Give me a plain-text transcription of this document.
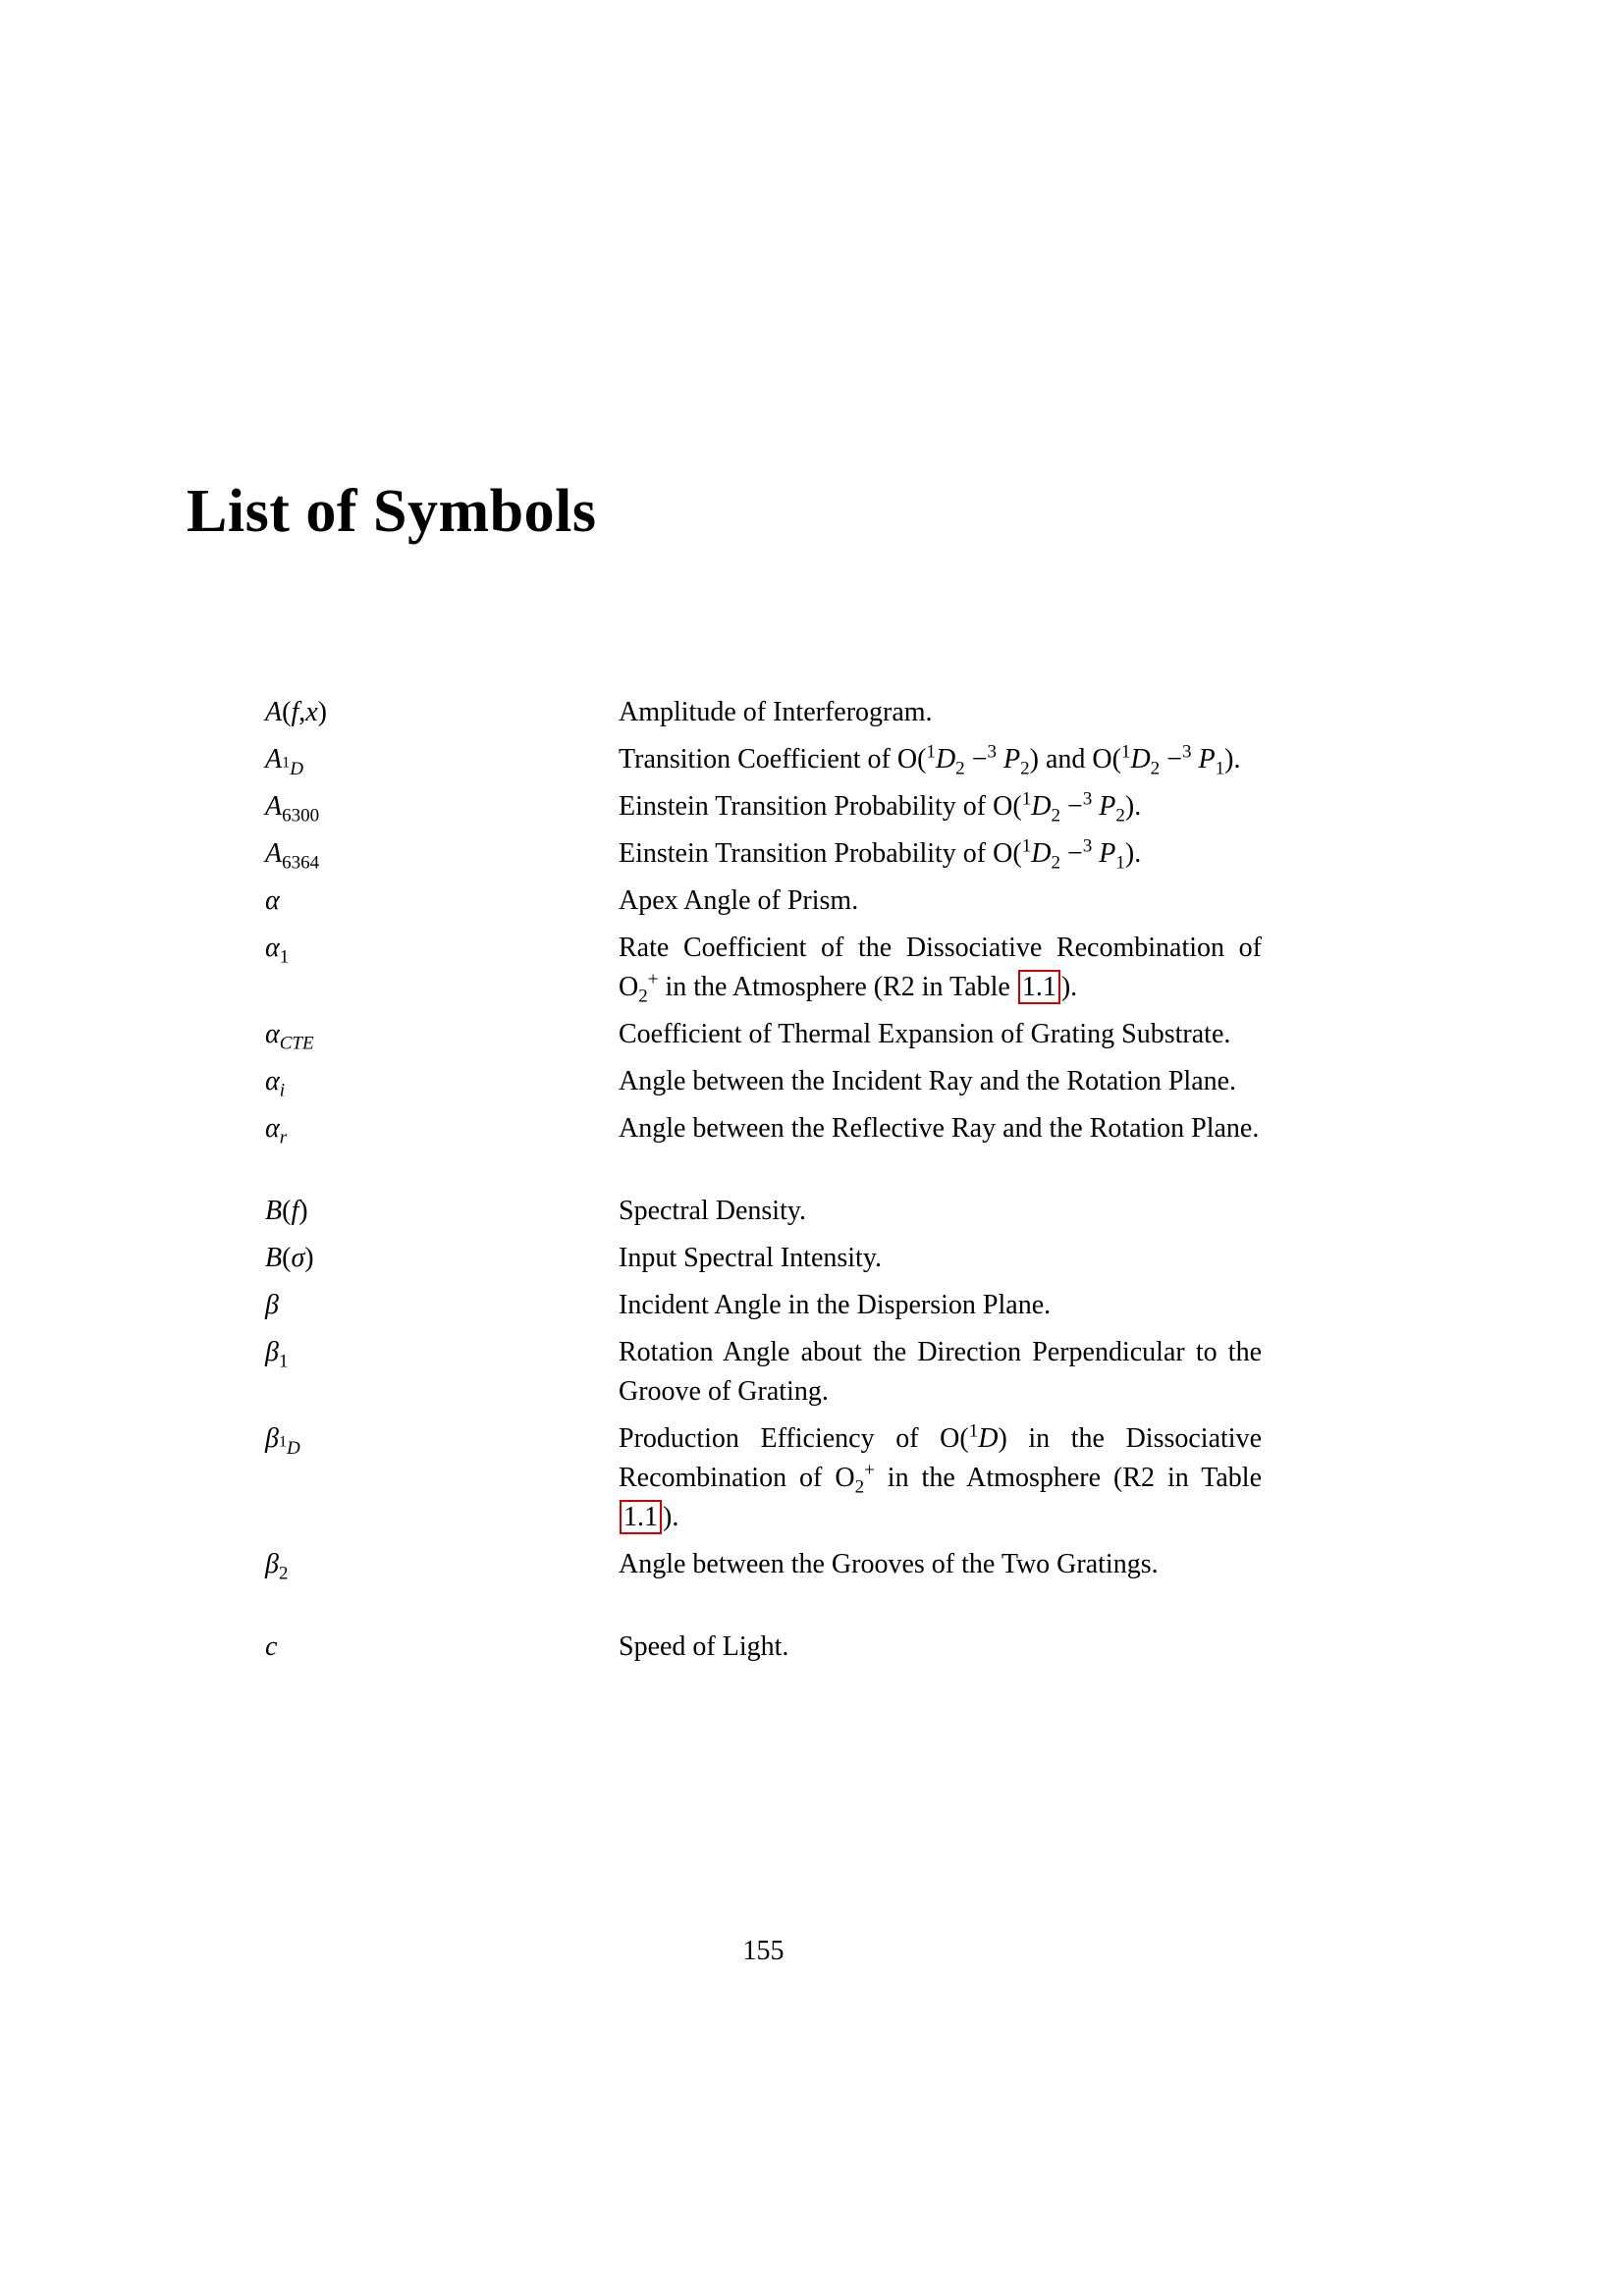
List of Symbols
A(f,x)	Amplitude of Interferogram.
$A_{^1D}$	Transition Coefficient of $O(^1D_2 -^3$ $P_2$) and $O(^1D_2 -^3$ $P_1$).
$A_{6300}$	Einstein Transition Probability of $O(^1D_2 -^3$ $P_2$).
$A_{6364}$	Einstein Transition Probability of $O(^1D_2 -^3$ $P_1$).
α	Apex Angle of Prism.
$\alpha_1$	Rate Coefficient of the Dissociative Recombination of $O_2^+$ in the Atmosphere (R2 in Table 1.1 ).
$\alpha_{CTE}$	Coefficient of Thermal Expansion of Grating Substrate.
$\alpha_i$	Angle between the Incident Ray and the Rotation Plane.
$\alpha_r$	Angle between the Reflective Ray and the Rotation Plane.
B(f)	Spectral Density.
B(σ)	Input Spectral Intensity.
β	Incident Angle in the Dispersion Plane.
$\beta_1$	Rotation Angle about the Direction Perpendicular to the Groove of Grating.
$\beta_{^1D}$	Production Efficiency of O($^1$D) in the Dissociative Recombination of $O_2^+$ in the Atmosphere (R2 in Table 1.1 ).
$\beta_2$	Angle between the Grooves of the Two Gratings.
c	Speed of Light.
155
